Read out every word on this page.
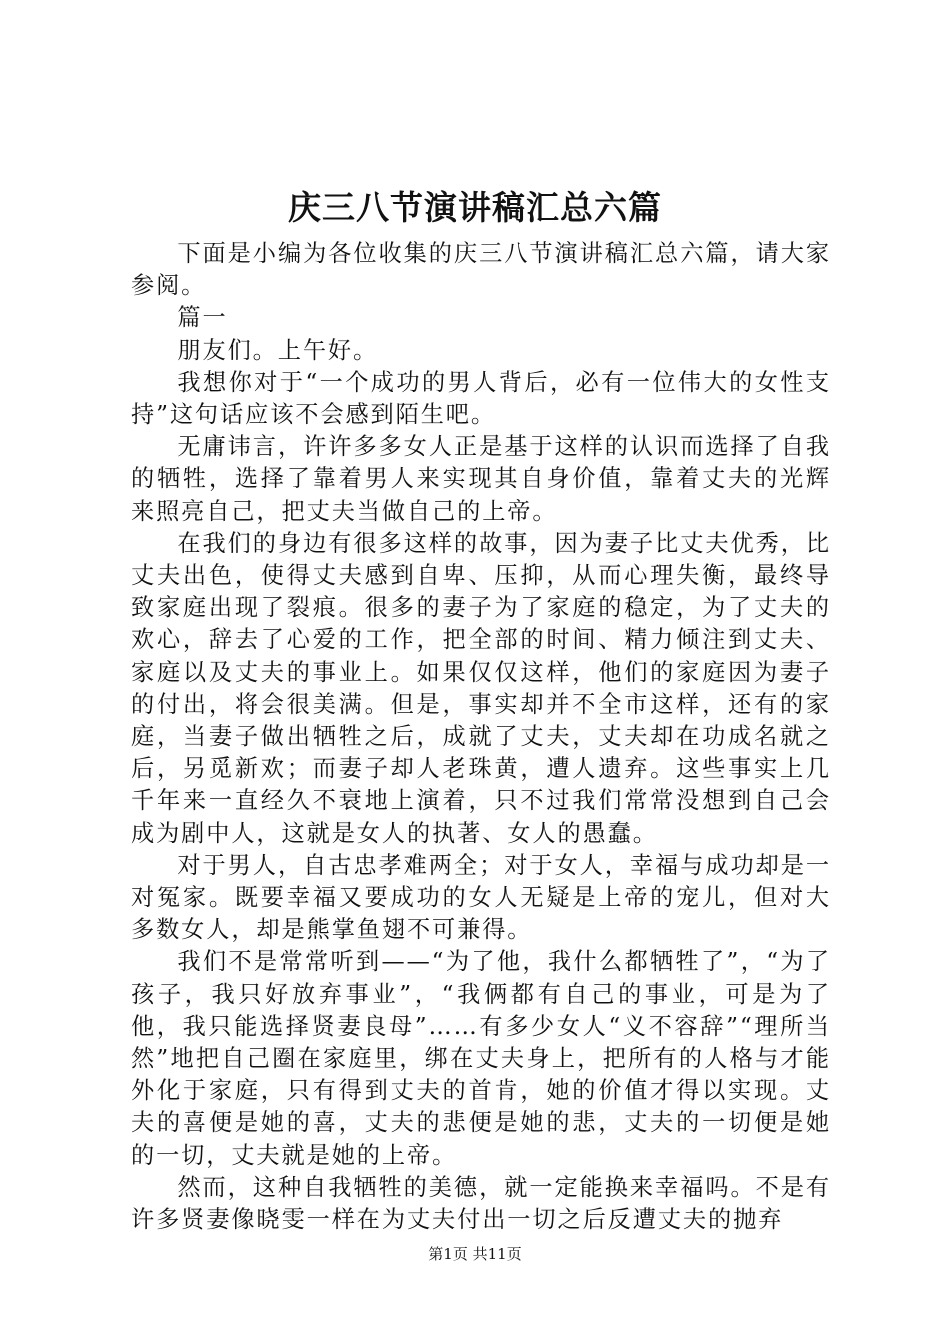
庆三八节演讲稿汇总六篇

下面是小编为各位收集的庆三八节演讲稿汇总六篇，请大家参阅。

篇一

朋友们。上午好。

我想你对于“一个成功的男人背后，必有一位伟大的女性支持”这句话应该不会感到陌生吧。

无庸讳言，许许多多女人正是基于这样的认识而选择了自我的牺牲，选择了靠着男人来实现其自身价值，靠着丈夫的光辉来照亮自己，把丈夫当做自己的上帝。

在我们的身边有很多这样的故事，因为妻子比丈夫优秀，比丈夫出色，使得丈夫感到自卑、压抑，从而心理失衡，最终导致家庭出现了裂痕。很多的妻子为了家庭的稳定，为了丈夫的欢心，辞去了心爱的工作，把全部的时间、精力倾注到丈夫、家庭以及丈夫的事业上。如果仅仅这样，他们的家庭因为妻子的付出，将会很美满。但是，事实却并不全市这样，还有的家庭，当妻子做出牺牲之后，成就了丈夫，丈夫却在功成名就之后，另觅新欢；而妻子却人老珠黄，遭人遗弃。这些事实上几千年来一直经久不衰地上演着，只不过我们常常没想到自己会成为剧中人，这就是女人的执著、女人的愚蠢。

对于男人，自古忠孝难两全；对于女人，幸福与成功却是一对冤家。既要幸福又要成功的女人无疑是上帝的宠儿，但对大多数女人，却是熊掌鱼翅不可兼得。

我们不是常常听到——“为了他，我什么都牺牲了”，“为了孩子，我只好放弃事业”，“我俩都有自己的事业，可是为了他，我只能选择贤妻良母”……有多少女人“义不容辞”“理所当然”地把自己圈在家庭里，绑在丈夫身上，把所有的人格与才能外化于家庭，只有得到丈夫的首肯，她的价值才得以实现。丈夫的喜便是她的喜，丈夫的悲便是她的悲，丈夫的一切便是她的一切，丈夫就是她的上帝。

然而，这种自我牺牲的美德，就一定能换来幸福吗。不是有许多贤妻像晓雯一样在为丈夫付出一切之后反遭丈夫的抛弃

第1页 共11页
